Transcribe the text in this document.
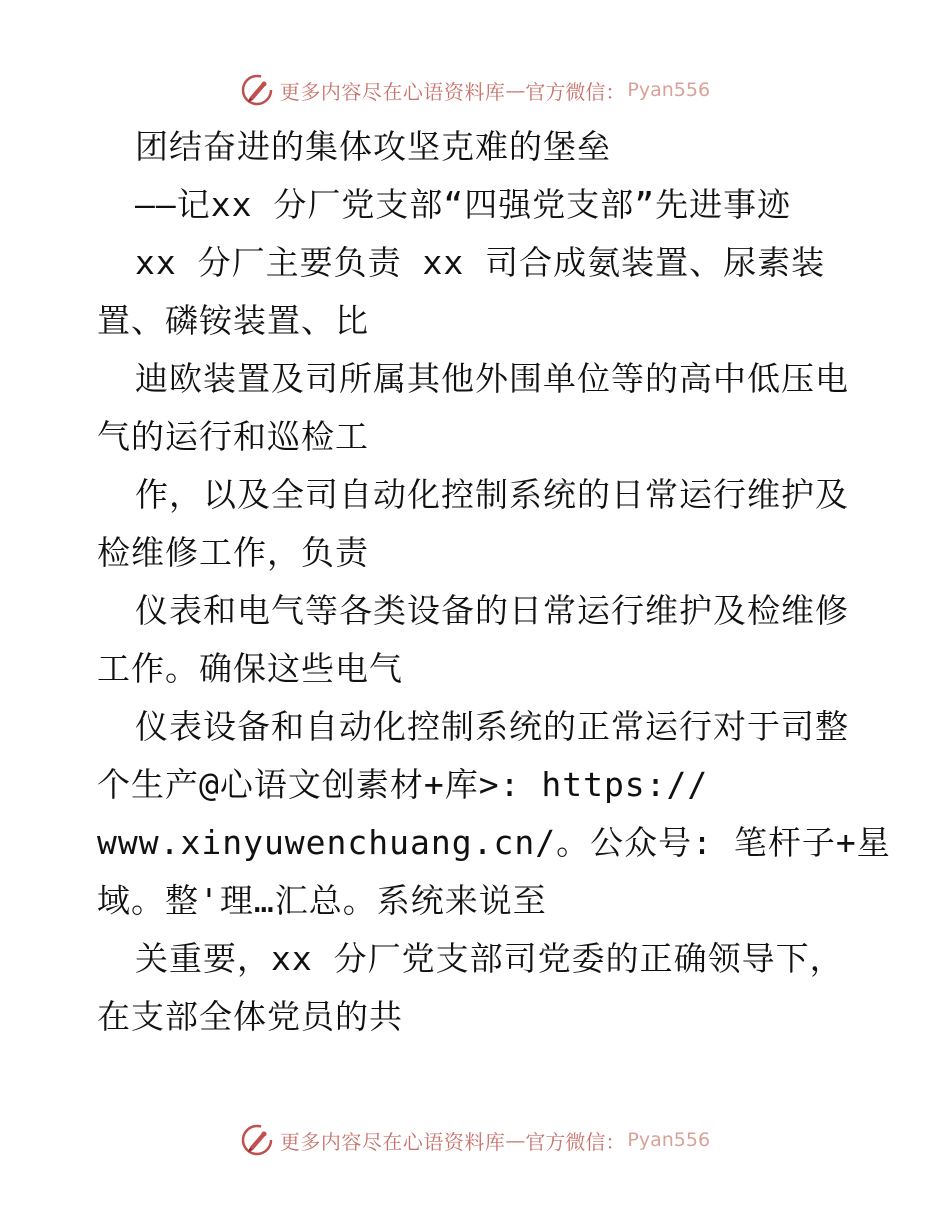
更多内容尽在心语资料库 — 官方微信： Pyan556
团结奋进的集体攻坚克难的堡垒
——记xx 分厂党支部“四强党支部”先进事迹
xx 分厂主要负责 xx 司合成氨装置、尿素装
置、磷铵装置、比
迪欧装置及司所属其他外围单位等的高中低压电
气的运行和巡检工
作，以及全司自动化控制系统的日常运行维护及
检维修工作，负责
仪表和电气等各类设备的日常运行维护及检维修
工作。确保这些电气
仪表设备和自动化控制系统的正常运行对于司整
个生产@心语文创素材+库>: https://
www.xinyuwenchuang.cn/。公众号: 笔杆子+星
域。整'理…汇总。系统来说至
关重要，xx 分厂党支部司党委的正确领导下，
在支部全体党员的共
更多内容尽在心语资料库 — 官方微信： Pyan556
